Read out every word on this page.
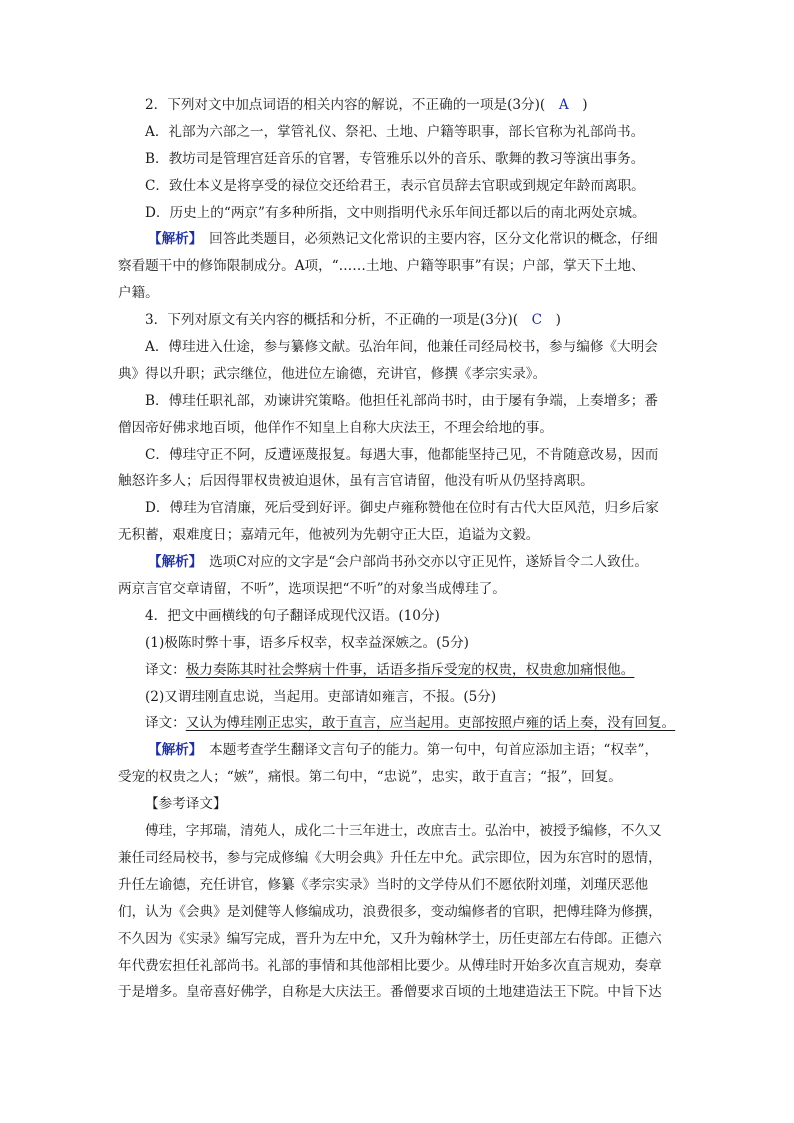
2．下列对文中加点词语的相关内容的解说，不正确的一项是(3分)(　A　)
A．礼部为六部之一，掌管礼仪、祭祀、土地、户籍等职事，部长官称为礼部尚书。
B．教坊司是管理宫廷音乐的官署，专管雅乐以外的音乐、歌舞的教习等演出事务。
C．致仕本义是将享受的禄位交还给君王，表示官员辞去官职或到规定年龄而离职。
D．历史上的“两京”有多种所指，文中则指明代永乐年间迁都以后的南北两处京城。
【解析】　回答此类题目，必须熟记文化常识的主要内容，区分文化常识的概念，仔细
察看题干中的修饰限制成分。A项，“……土地、户籍等职事”有误；户部，掌天下土地、
户籍。
3．下列对原文有关内容的概括和分析，不正确的一项是(3分)(　C　)
A．傅珪进入仕途，参与纂修文献。弘治年间，他兼任司经局校书，参与编修《大明会
典》得以升职；武宗继位，他进位左谕德，充讲官，修撰《孝宗实录》。
B．傅珪任职礼部，劝谏讲究策略。他担任礼部尚书时，由于屡有争端，上奏增多；番
僧因帝好佛求地百顷，他佯作不知皇上自称大庆法王，不理会给地的事。
C．傅珪守正不阿，反遭诬蔑报复。每遇大事，他都能坚持己见，不肯随意改易，因而
触怒许多人；后因得罪权贵被迫退休，虽有言官请留，他没有听从仍坚持离职。
D．傅珪为官清廉，死后受到好评。御史卢雍称赞他在位时有古代大臣风范，归乡后家
无积蓄，艰难度日；嘉靖元年，他被列为先朝守正大臣，追谥为文毅。
【解析】　选项C对应的文字是“会户部尚书孙交亦以守正见忤，遂矫旨令二人致仕。
两京言官交章请留，不听”，选项误把“不听”的对象当成傅珪了。
4．把文中画横线的句子翻译成现代汉语。(10分)
(1)极陈时弊十事，语多斥权幸，权幸益深嫉之。(5分)
译文：极力奏陈其时社会弊病十件事，话语多指斥受宠的权贵，权贵愈加痛恨他。
(2)又谓珪刚直忠说，当起用。吏部请如雍言，不报。(5分)
译文：又认为傅珪刚正忠实，敢于直言，应当起用。吏部按照卢雍的话上奏，没有回复。
【解析】　本题考查学生翻译文言句子的能力。第一句中，句首应添加主语；“权幸”，
受宠的权贵之人；“嫉”，痛恨。第二句中，“忠说”，忠实，敢于直言；“报”，回复。
【参考译文】
傅珪，字邦瑞，清苑人，成化二十三年进士，改庶吉士。弘治中，被授予编修，不久又
兼任司经局校书，参与完成修编《大明会典》升任左中允。武宗即位，因为东宫时的恩情，
升任左谕德，充任讲官，修纂《孝宗实录》当时的文学侍从们不愿依附刘瑾，刘瑾厌恶他
们，认为《会典》是刘健等人修编成功，浪费很多，变动编修者的官职，把傅珪降为修撰，
不久因为《实录》编写完成，晋升为左中允，又升为翰林学士，历任吏部左右侍郎。正德六
年代费宏担任礼部尚书。礼部的事情和其他部相比要少。从傅珪时开始多次直言规劝，奏章
于是增多。皇帝喜好佛学，自称是大庆法王。番僧要求百顷的土地建造法王下院。中旨下达
